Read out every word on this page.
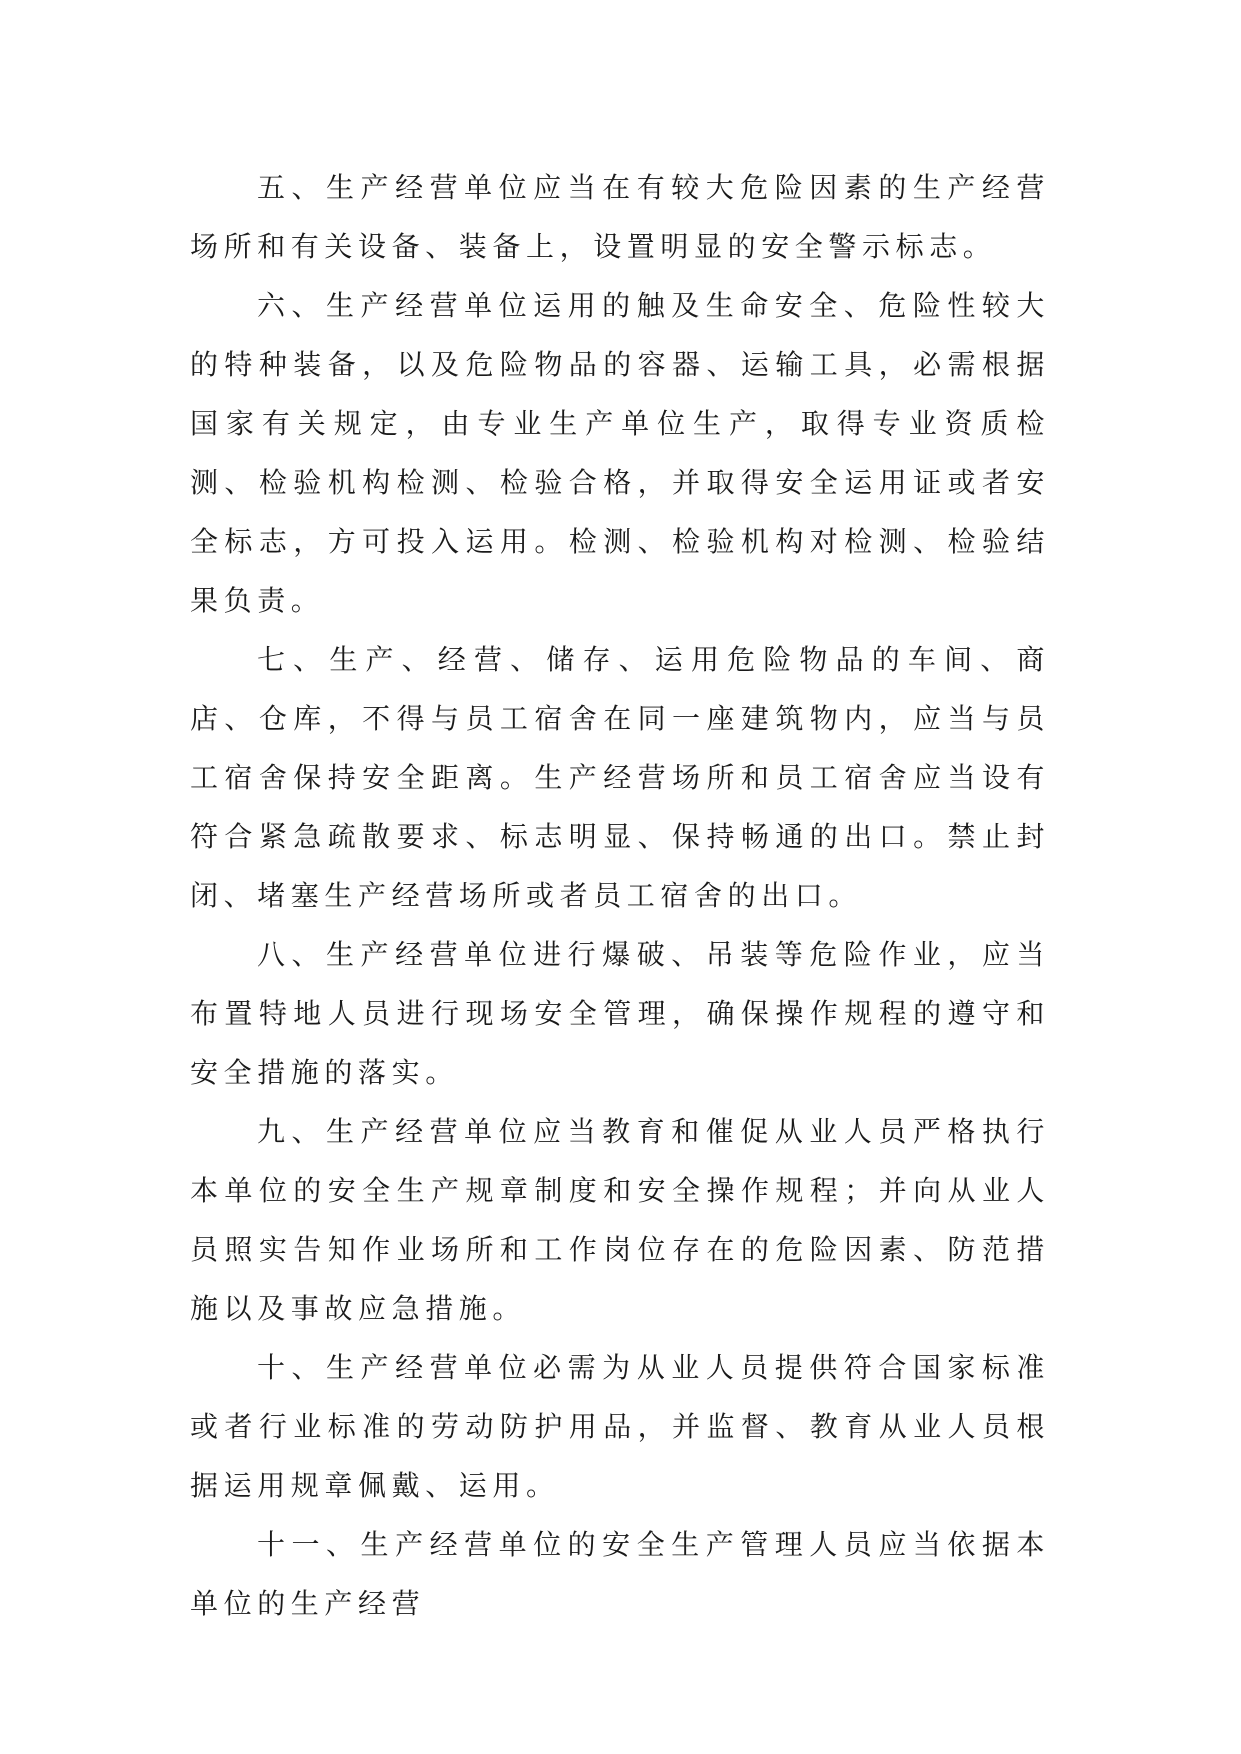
五、生产经营单位应当在有较大危险因素的生产经营场所和有关设备、装备上，设置明显的安全警示标志。

六、生产经营单位运用的触及生命安全、危险性较大的特种装备，以及危险物品的容器、运输工具，必需根据国家有关规定，由专业生产单位生产，取得专业资质检测、检验机构检测、检验合格，并取得安全运用证或者安全标志，方可投入运用。检测、检验机构对检测、检验结果负责。

七、生产、经营、储存、运用危险物品的车间、商店、仓库，不得与员工宿舍在同一座建筑物内，应当与员工宿舍保持安全距离。生产经营场所和员工宿舍应当设有符合紧急疏散要求、标志明显、保持畅通的出口。禁止封闭、堵塞生产经营场所或者员工宿舍的出口。

八、生产经营单位进行爆破、吊装等危险作业，应当布置特地人员进行现场安全管理，确保操作规程的遵守和安全措施的落实。

九、生产经营单位应当教育和催促从业人员严格执行本单位的安全生产规章制度和安全操作规程；并向从业人员照实告知作业场所和工作岗位存在的危险因素、防范措施以及事故应急措施。

十、生产经营单位必需为从业人员提供符合国家标准或者行业标准的劳动防护用品，并监督、教育从业人员根据运用规章佩戴、运用。

十一、生产经营单位的安全生产管理人员应当依据本单位的生产经营
